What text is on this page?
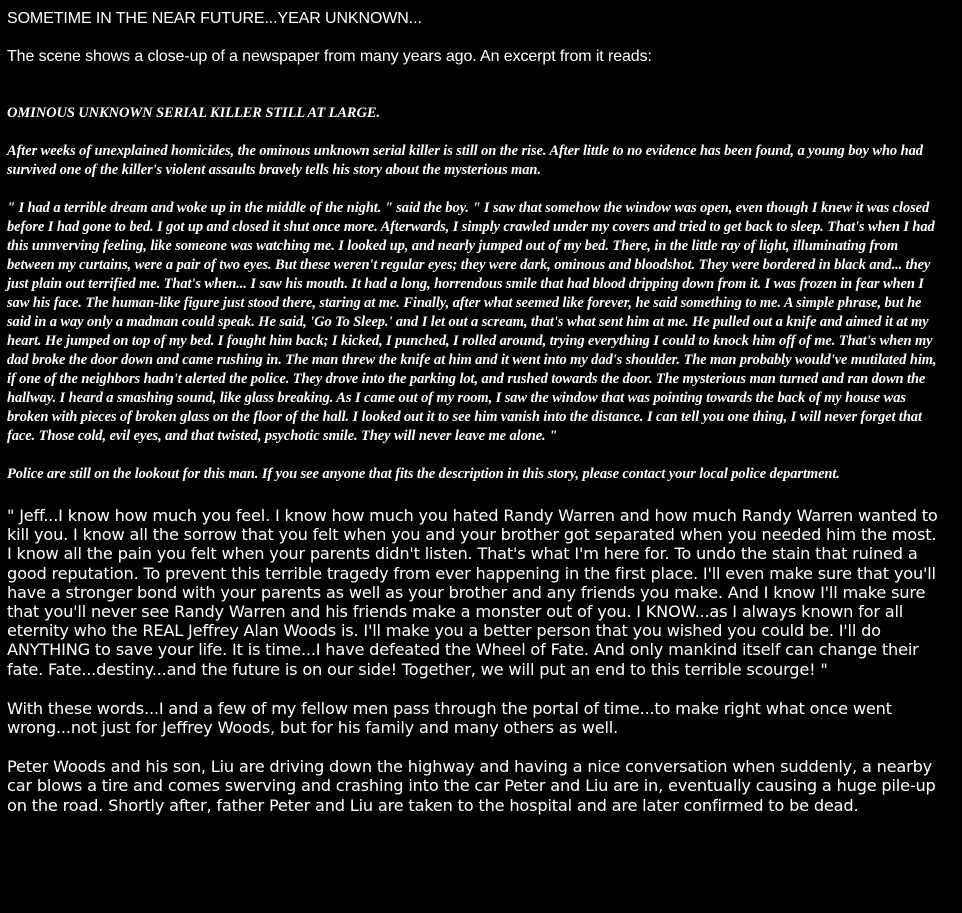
SOMETIME IN THE NEAR FUTURE...YEAR UNKNOWN...

The scene shows a close-up of a newspaper from many years ago. An excerpt from it reads:

OMINOUS UNKNOWN SERIAL KILLER STILL AT LARGE.

After weeks of unexplained homicides, the ominous unknown serial killer is still on the rise. After little to no evidence has been found, a young boy who had survived one of the killer's violent assaults bravely tells his story about the mysterious man.

" I had a terrible dream and woke up in the middle of the night. " said the boy. " I saw that somehow the window was open, even though I knew it was closed before I had gone to bed. I got up and closed it shut once more. Afterwards, I simply crawled under my covers and tried to get back to sleep. That's when I had this unnverving feeling, like someone was watching me. I looked up, and nearly jumped out of my bed. There, in the little ray of light, illuminating from between my curtains, were a pair of two eyes. But these weren't regular eyes; they were dark, ominous and bloodshot. They were bordered in black and... they just plain out terrified me. That's when... I saw his mouth. It had a long, horrendous smile that had blood dripping down from it. I was frozen in fear when I saw his face. The human-like figure just stood there, staring at me. Finally, after what seemed like forever, he said something to me. A simple phrase, but he said in a way only a madman could speak. He said, 'Go To Sleep.' and I let out a scream, that's what sent him at me. He pulled out a knife and aimed it at my heart. He jumped on top of my bed. I fought him back; I kicked, I punched, I rolled around, trying everything I could to knock him off of me. That's when my dad broke the door down and came rushing in. The man threw the knife at him and it went into my dad's shoulder. The man probably would've mutilated him, if one of the neighbors hadn't alerted the police. They drove into the parking lot, and rushed towards the door. The mysterious man turned and ran down the hallway. I heard a smashing sound, like glass breaking. As I came out of my room, I saw the window that was pointing towards the back of my house was broken with pieces of broken glass on the floor of the hall. I looked out it to see him vanish into the distance. I can tell you one thing, I will never forget that face. Those cold, evil eyes, and that twisted, psychotic smile. They will never leave me alone. "

Police are still on the lookout for this man. If you see anyone that fits the description in this story, please contact your local police department.

" Jeff...I know how much you feel. I know how much you hated Randy Warren and how much Randy Warren wanted to kill you. I know all the sorrow that you felt when you and your brother got separated when you needed him the most. I know all the pain you felt when your parents didn't listen. That's what I'm here for. To undo the stain that ruined a good reputation. To prevent this terrible tragedy from ever happening in the first place. I'll even make sure that you'll have a stronger bond with your parents as well as your brother and any friends you make. And I know I'll make sure that you'll never see Randy Warren and his friends make a monster out of you. I KNOW...as I always known for all eternity who the REAL Jeffrey Alan Woods is. I'll make you a better person that you wished you could be. I'll do ANYTHING to save your life. It is time...I have defeated the Wheel of Fate. And only mankind itself can change their fate. Fate...destiny...and the future is on our side! Together, we will put an end to this terrible scourge! "

With these words...I and a few of my fellow men pass through the portal of time...to make right what once went wrong...not just for Jeffrey Woods, but for his family and many others as well.

Peter Woods and his son, Liu are driving down the highway and having a nice conversation when suddenly, a nearby car blows a tire and comes swerving and crashing into the car Peter and Liu are in, eventually causing a huge pile-up on the road. Shortly after, father Peter and Liu are taken to the hospital and are later confirmed to be dead.
